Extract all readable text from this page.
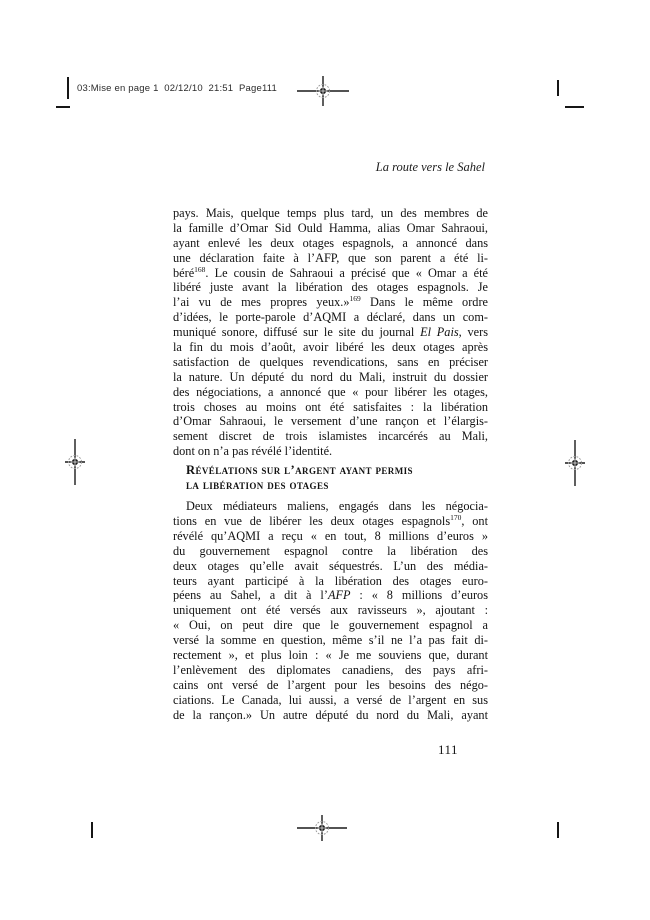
03:Mise en page 1  02/12/10  21:51  Page111
La route vers le Sahel
pays. Mais, quelque temps plus tard, un des membres de
la famille d’Omar Sid Ould Hamma, alias Omar Sahraoui,
ayant enlevé les deux otages espagnols, a annoncé dans
une déclaration faite à l’AFP, que son parent a été li-
béré$^{168}$. Le cousin de Sahraoui a précisé que « Omar a été
libéré juste avant la libération des otages espagnols. Je
l’ai vu de mes propres yeux.»$^{169}$ Dans le même ordre
d’idées, le porte-parole d’AQMI a déclaré, dans un com-
muniqué sonore, diffusé sur le site du journal El Pais, vers
la fin du mois d’août, avoir libéré les deux otages après
satisfaction de quelques revendications, sans en préciser
la nature. Un député du nord du Mali, instruit du dossier
des négociations, a annoncé que « pour libérer les otages,
trois choses au moins ont été satisfaites : la libération
d’Omar Sahraoui, le versement d’une rançon et l’élargis-
sement discret de trois islamistes incarcérés au Mali,
dont on n’a pas révélé l’identité.
Révélations sur l’argent ayant permis
la libération des otages
Deux médiateurs maliens, engagés dans les négocia-
tions en vue de libérer les deux otages espagnols$^{170}$, ont
révélé qu’AQMI a reçu « en tout, 8 millions d’euros »
du gouvernement espagnol contre la libération des
deux otages qu’elle avait séquestrés. L’un des média-
teurs ayant participé à la libération des otages euro-
péens au Sahel, a dit à l’AFP : « 8 millions d’euros
uniquement ont été versés aux ravisseurs », ajoutant :
« Oui, on peut dire que le gouvernement espagnol a
versé la somme en question, même s’il ne l’a pas fait di-
rectement », et plus loin : « Je me souviens que, durant
l’enlèvement des diplomates canadiens, des pays afri-
cains ont versé de l’argent pour les besoins des négo-
ciations. Le Canada, lui aussi, a versé de l’argent en sus
de la rançon.» Un autre député du nord du Mali, ayant
111
